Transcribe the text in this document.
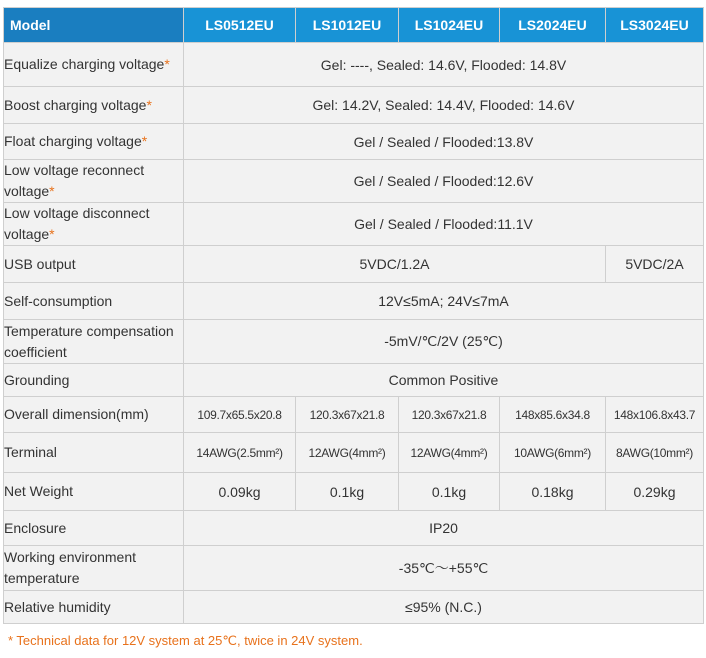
Model	LS0512EU	LS1012EU	LS1024EU	LS2024EU	LS3024EU
Equalize charging voltage*	Gel: ----, Sealed: 14.6V, Flooded: 14.8V				
Boost charging voltage*	Gel: 14.2V, Sealed: 14.4V, Flooded: 14.6V				
Float charging voltage*	Gel / Sealed / Flooded:13.8V				
Low voltage reconnect voltage*	Gel / Sealed / Flooded:12.6V				
Low voltage disconnect voltage*	Gel / Sealed / Flooded:11.1V				
USB output	5VDC/1.2A				5VDC/2A
Self-consumption	12V≤5mA; 24V≤7mA				
Temperature compensation coefficient	-5mV/℃/2V (25℃)				
Grounding	Common Positive				
Overall dimension(mm)	109.7x65.5x20.8	120.3x67x21.8	120.3x67x21.8	148x85.6x34.8	148x106.8x43.7
Terminal	14AWG(2.5mm²)	12AWG(4mm²)	12AWG(4mm²)	10AWG(6mm²)	8AWG(10mm²)
Net Weight	0.09kg	0.1kg	0.1kg	0.18kg	0.29kg
Enclosure	IP20				
Working environment temperature	-35℃～+55℃				
Relative humidity	≤95% (N.C.)				
* Technical data for 12V system at 25℃, twice in 24V system.
